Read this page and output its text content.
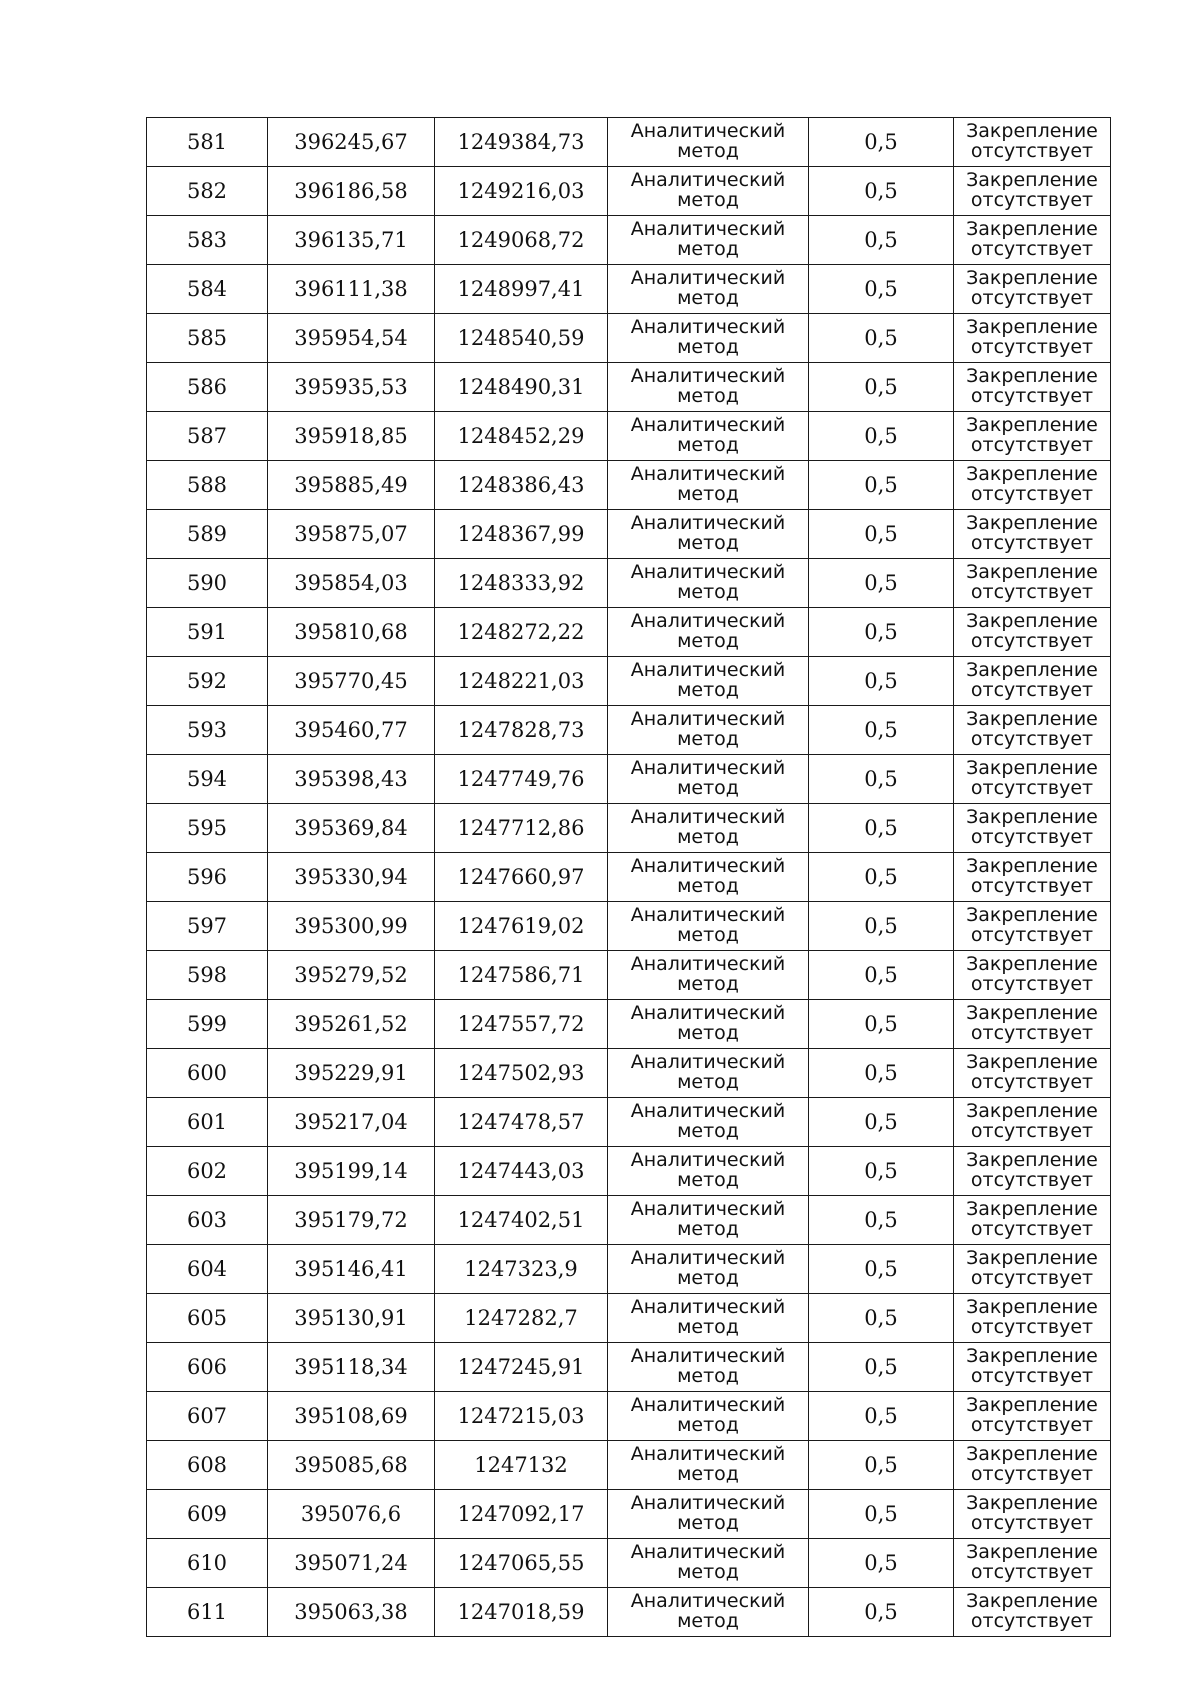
581	396245,67	1249384,73	Аналитический
метод	0,5	Закрепление
отсутствует

582	396186,58	1249216,03	Аналитический
метод	0,5	Закрепление
отсутствует

583	396135,71	1249068,72	Аналитический
метод	0,5	Закрепление
отсутствует

584	396111,38	1248997,41	Аналитический
метод	0,5	Закрепление
отсутствует

585	395954,54	1248540,59	Аналитический
метод	0,5	Закрепление
отсутствует

586	395935,53	1248490,31	Аналитический
метод	0,5	Закрепление
отсутствует

587	395918,85	1248452,29	Аналитический
метод	0,5	Закрепление
отсутствует

588	395885,49	1248386,43	Аналитический
метод	0,5	Закрепление
отсутствует

589	395875,07	1248367,99	Аналитический
метод	0,5	Закрепление
отсутствует

590	395854,03	1248333,92	Аналитический
метод	0,5	Закрепление
отсутствует

591	395810,68	1248272,22	Аналитический
метод	0,5	Закрепление
отсутствует

592	395770,45	1248221,03	Аналитический
метод	0,5	Закрепление
отсутствует

593	395460,77	1247828,73	Аналитический
метод	0,5	Закрепление
отсутствует

594	395398,43	1247749,76	Аналитический
метод	0,5	Закрепление
отсутствует

595	395369,84	1247712,86	Аналитический
метод	0,5	Закрепление
отсутствует

596	395330,94	1247660,97	Аналитический
метод	0,5	Закрепление
отсутствует

597	395300,99	1247619,02	Аналитический
метод	0,5	Закрепление
отсутствует

598	395279,52	1247586,71	Аналитический
метод	0,5	Закрепление
отсутствует

599	395261,52	1247557,72	Аналитический
метод	0,5	Закрепление
отсутствует

600	395229,91	1247502,93	Аналитический
метод	0,5	Закрепление
отсутствует

601	395217,04	1247478,57	Аналитический
метод	0,5	Закрепление
отсутствует

602	395199,14	1247443,03	Аналитический
метод	0,5	Закрепление
отсутствует

603	395179,72	1247402,51	Аналитический
метод	0,5	Закрепление
отсутствует

604	395146,41	1247323,9	Аналитический
метод	0,5	Закрепление
отсутствует

605	395130,91	1247282,7	Аналитический
метод	0,5	Закрепление
отсутствует

606	395118,34	1247245,91	Аналитический
метод	0,5	Закрепление
отсутствует

607	395108,69	1247215,03	Аналитический
метод	0,5	Закрепление
отсутствует

608	395085,68	1247132	Аналитический
метод	0,5	Закрепление
отсутствует

609	395076,6	1247092,17	Аналитический
метод	0,5	Закрепление
отсутствует

610	395071,24	1247065,55	Аналитический
метод	0,5	Закрепление
отсутствует

611	395063,38	1247018,59	Аналитический
метод	0,5	Закрепление
отсутствует
